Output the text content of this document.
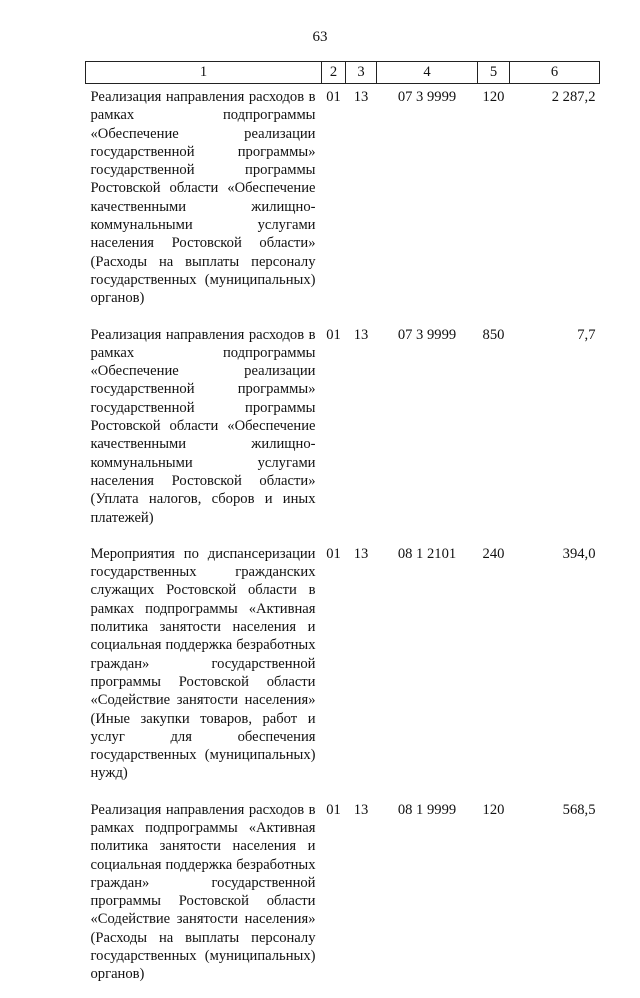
63
1	2	3	4	5	6
Реализация направления расходов в рамках подпрограммы «Обеспечение реализации государственной программы» государственной программы Ростовской области «Обеспечение качественными жилищно-коммунальными услугами населения Ростовской области» (Расходы на выплаты персоналу государственных (муниципальных) органов)	01	13	07 3 9999	120	2 287,2
Реализация направления расходов в рамках подпрограммы «Обеспечение реализации государственной программы» государственной программы Ростовской области «Обеспечение качественными жилищно-коммунальными услугами населения Ростовской области» (Уплата налогов, сборов и иных платежей)	01	13	07 3 9999	850	7,7
Мероприятия по диспансеризации государственных гражданских служащих Ростовской области в рамках подпрограммы «Активная политика занятости населения и социальная поддержка безработных граждан» государственной программы Ростовской области «Содействие занятости населения» (Иные закупки товаров, работ и услуг для обеспечения государственных (муниципальных) нужд)	01	13	08 1 2101	240	394,0
Реализация направления расходов в рамках подпрограммы «Активная политика занятости населения и социальная поддержка безработных граждан» государственной программы Ростовской области «Содействие занятости населения» (Расходы на выплаты персоналу государственных (муниципальных) органов)	01	13	08 1 9999	120	568,5
